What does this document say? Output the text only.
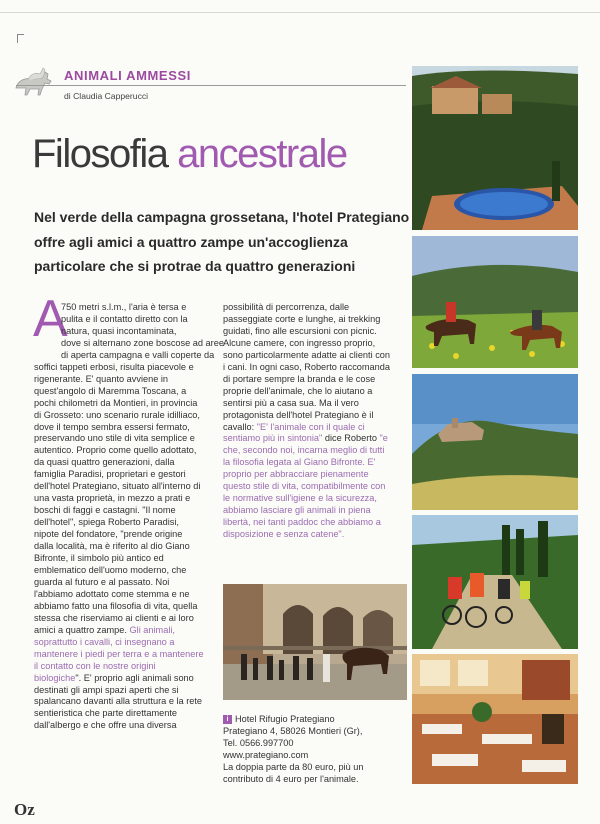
ANIMALI AMMESSI
di Claudia Capperucci
Filosofia ancestrale
Nel verde della campagna grossetana, l'hotel Prategiano
offre agli amici a quattro zampe un'accoglienza
particolare che si protrae da quattro generazioni
A
750 metri s.l.m., l'aria è tersa e
pulita e il contatto diretto con la
natura, quasi incontaminata,
dove si alternano zone boscose ad aree
di aperta campagna e valli coperte da
soffici tappeti erbosi, risulta piacevole e
rigenerante. E' quanto avviene in
quest'angolo di Maremma Toscana, a
pochi chilometri da Montieri, in provincia
di Grosseto: uno scenario rurale idilliaco,
dove il tempo sembra essersi fermato,
preservando uno stile di vita semplice e
autentico. Proprio come quello adottato,
da quasi quattro generazioni, dalla
famiglia Paradisi, proprietari e gestori
dell'hotel Prategiano, situato all'interno di
una vasta proprietà, in mezzo a prati e
boschi di faggi e castagni. "Il nome
dell'hotel", spiega Roberto Paradisi,
nipote del fondatore, "prende origine
dalla località, ma è riferito al dio Giano
Bifronte, il simbolo più antico ed
emblematico dell'uomo moderno, che
guarda al futuro e al passato. Noi
l'abbiamo adottato come stemma e ne
abbiamo fatto una filosofia di vita, quella
stessa che riserviamo ai clienti e ai loro
amici a quattro zampe. Gli animali,
soprattutto i cavalli, ci insegnano a
mantenere i piedi per terra e a mantenere
il contatto con le nostre origini
biologiche". E' proprio agli animali sono
destinati gli ampi spazi aperti che si
spalancano davanti alla struttura e la rete
sentieristica che parte direttamente
dall'albergo e che offre una diversa
possibilità di percorrenza, dalle
passeggiate corte e lunghe, ai trekking
guidati, fino alle escursioni con picnic.
Alcune camere, con ingresso proprio,
sono particolarmente adatte ai clienti con
i cani. In ogni caso, Roberto raccomanda
di portare sempre la branda e le cose
proprie dell'animale, che lo aiutano a
sentirsi più a casa sua. Ma il vero
protagonista dell'hotel Prategiano è il
cavallo: "E' l'animale con il quale ci
sentiamo più in sintonia" dice Roberto "e
che, secondo noi, incarna meglio di tutti
la filosofia legata al Giano Bifronte. E'
proprio per abbracciare pienamente
questo stile di vita, compatibilmente con
le normative sull'igiene e la sicurezza,
abbiamo lasciare gli animali in piena
libertà, nei tanti paddoc che abbiamo a
disposizione e senza catene".
i Hotel Rifugio Prategiano
Prategiano 4, 58026 Montieri (Gr),
Tel. 0566.997700
www.prategiano.com
La doppia parte da 80 euro, più un
contributo di 4 euro per l'animale.
Oz
